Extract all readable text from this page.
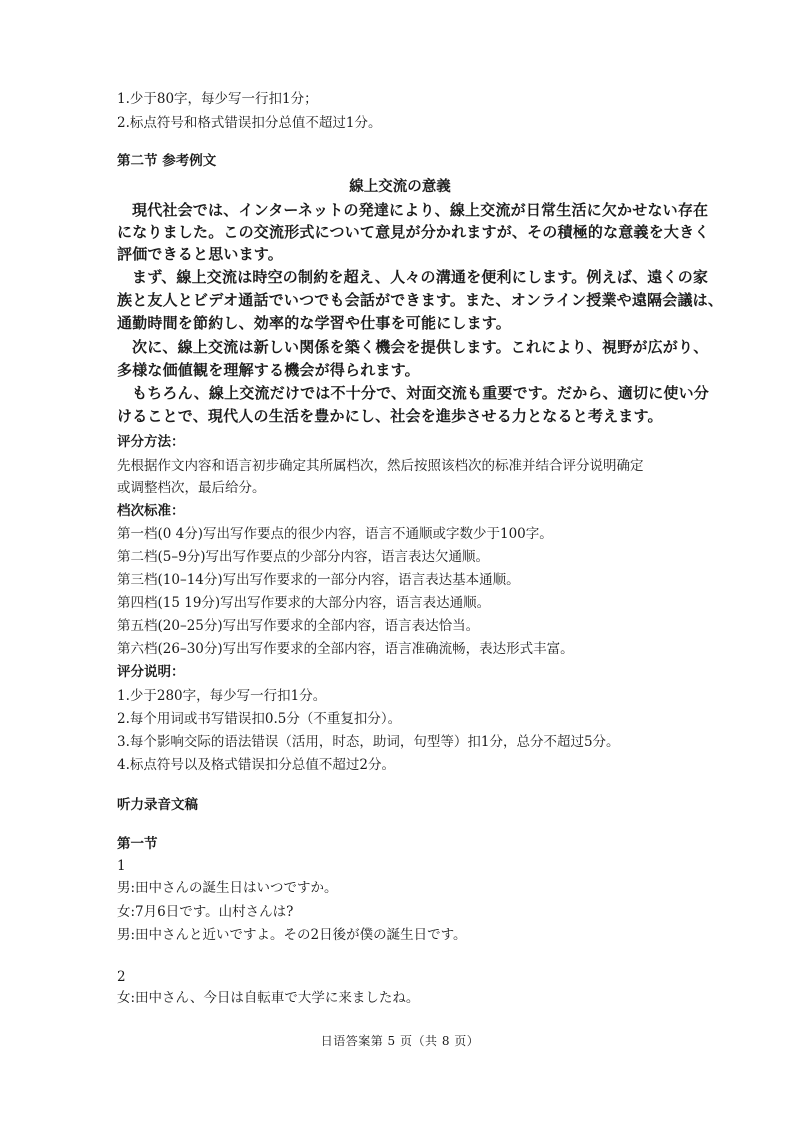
1.少于80字，每少写一行扣1分；
2.标点符号和格式错误扣分总值不超过1分。
第二节 参考例文
線上交流の意義
現代社会では、インターネットの発達により、線上交流が日常生活に欠かせない存在
になりました。この交流形式について意見が分かれますが、その積極的な意義を大きく
評価できると思います。
まず、線上交流は時空の制約を超え、人々の溝通を便利にします。例えば、遠くの家
族と友人とビデオ通話でいつでも会話ができます。また、オンライン授業や遠隔会議は、
通勤時間を節約し、効率的な学習や仕事を可能にします。
次に、線上交流は新しい関係を築く機会を提供します。これにより、視野が広がり、
多様な価値観を理解する機会が得られます。
もちろん、線上交流だけでは不十分で、対面交流も重要です。だから、適切に使い分
けることで、現代人の生活を豊かにし、社会を進歩させる力となると考えます。
评分方法：
先根据作文内容和语言初步确定其所属档次，然后按照该档次的标准并结合评分说明确定
或调整档次，最后给分。
档次标准：
第一档(0 4分)写出写作要点的很少内容，语言不通顺或字数少于100字。
第二档(5–9分)写出写作要点的少部分内容，语言表达欠通顺。
第三档(10–14分)写出写作要求的一部分内容，语言表达基本通顺。
第四档(15 19分)写出写作要求的大部分内容，语言表达通顺。
第五档(20–25分)写出写作要求的全部内容，语言表达恰当。
第六档(26–30分)写出写作要求的全部内容，语言准确流畅，表达形式丰富。
评分说明：
1.少于280字，每少写一行扣1分。
2.每个用词或书写错误扣0.5分（不重复扣分）。
3.每个影响交际的语法错误（活用，时态，助词，句型等）扣1分，总分不超过5分。
4.标点符号以及格式错误扣分总值不超过2分。
听力录音文稿
第一节
1
男:田中さんの誕生日はいつですか。
女:7月6日です。山村さんは?
男:田中さんと近いですよ。その2日後が僕の誕生日です。
2
女:田中さん、今日は自転車で大学に来ましたね。
日语答案第 5 页（共 8 页）
